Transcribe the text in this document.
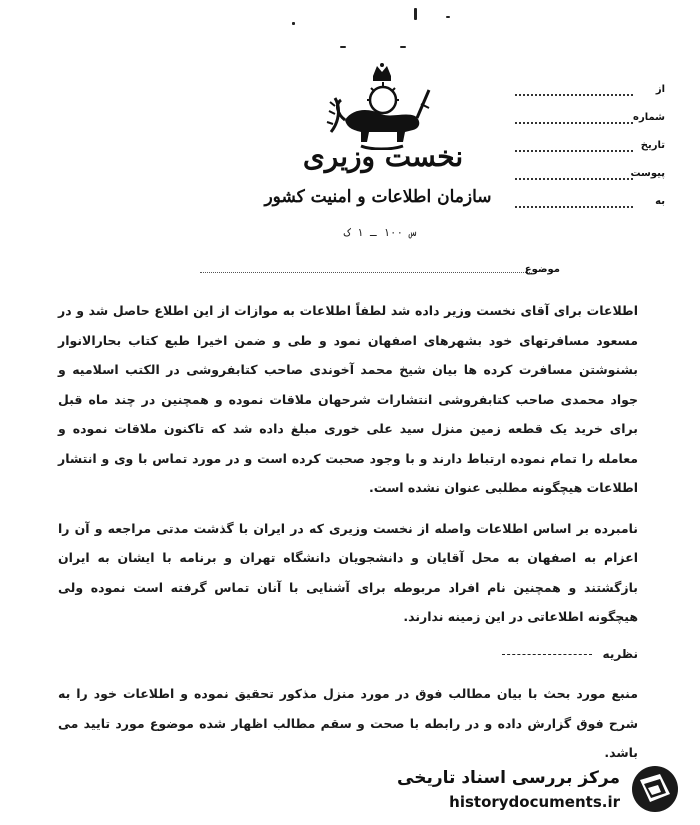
نخست وزیری
سازمان اطلاعات و امنیت کشور
س ۱۰۰ ـ ۱ ک
از
شماره
تاریخ
پیوست
به
موضوع

اطلاعات برای آقای نخست وزیر داده شد لطفاً اطلاعات به موازات از این اطلاع حاصل شد و در مسعود مسافرتهای خود بشهرهای اصفهان نمود و طی و ضمن اخیرا طبع کتاب بحارالانوار بشنوشتن مسافرت کرده ها بیان شیخ محمد آخوندی صاحب کتابفروشی در الکتب اسلامیه و جواد محمدی صاحب کتابفروشی انتشارات شرحهان ملاقات نموده و همچنین در چند ماه قبل برای خرید یک قطعه زمین منزل سید علی خوری مبلغ داده شد که تاکنون ملاقات نموده و معامله را تمام نموده ارتباط دارند و با وجود صحبت کرده است و در مورد تماس با وی و انتشار اطلاعات هیچگونه مطلبی عنوان نشده است.

نامبرده بر اساس اطلاعات واصله از نخست وزیری که در ایران با گذشت مدتی مراجعه و آن را اعزام به اصفهان به محل آقایان و دانشجویان دانشگاه تهران و برنامه با ایشان به ایران بازگشتند و همچنین نام افراد مربوطه برای آشنایی با آنان تماس گرفته است نموده ولی هیچگونه اطلاعاتی در این زمینه ندارند.

نظریه

منبع مورد بحث با بیان مطالب فوق در مورد منزل مذکور تحقیق نموده و اطلاعات خود را به شرح فوق گزارش داده و در رابطه با صحت و سقم مطالب اظهار شده موضوع مورد تایید می باشد.

مرکز بررسی اسناد تاریخی
historydocuments.ir
